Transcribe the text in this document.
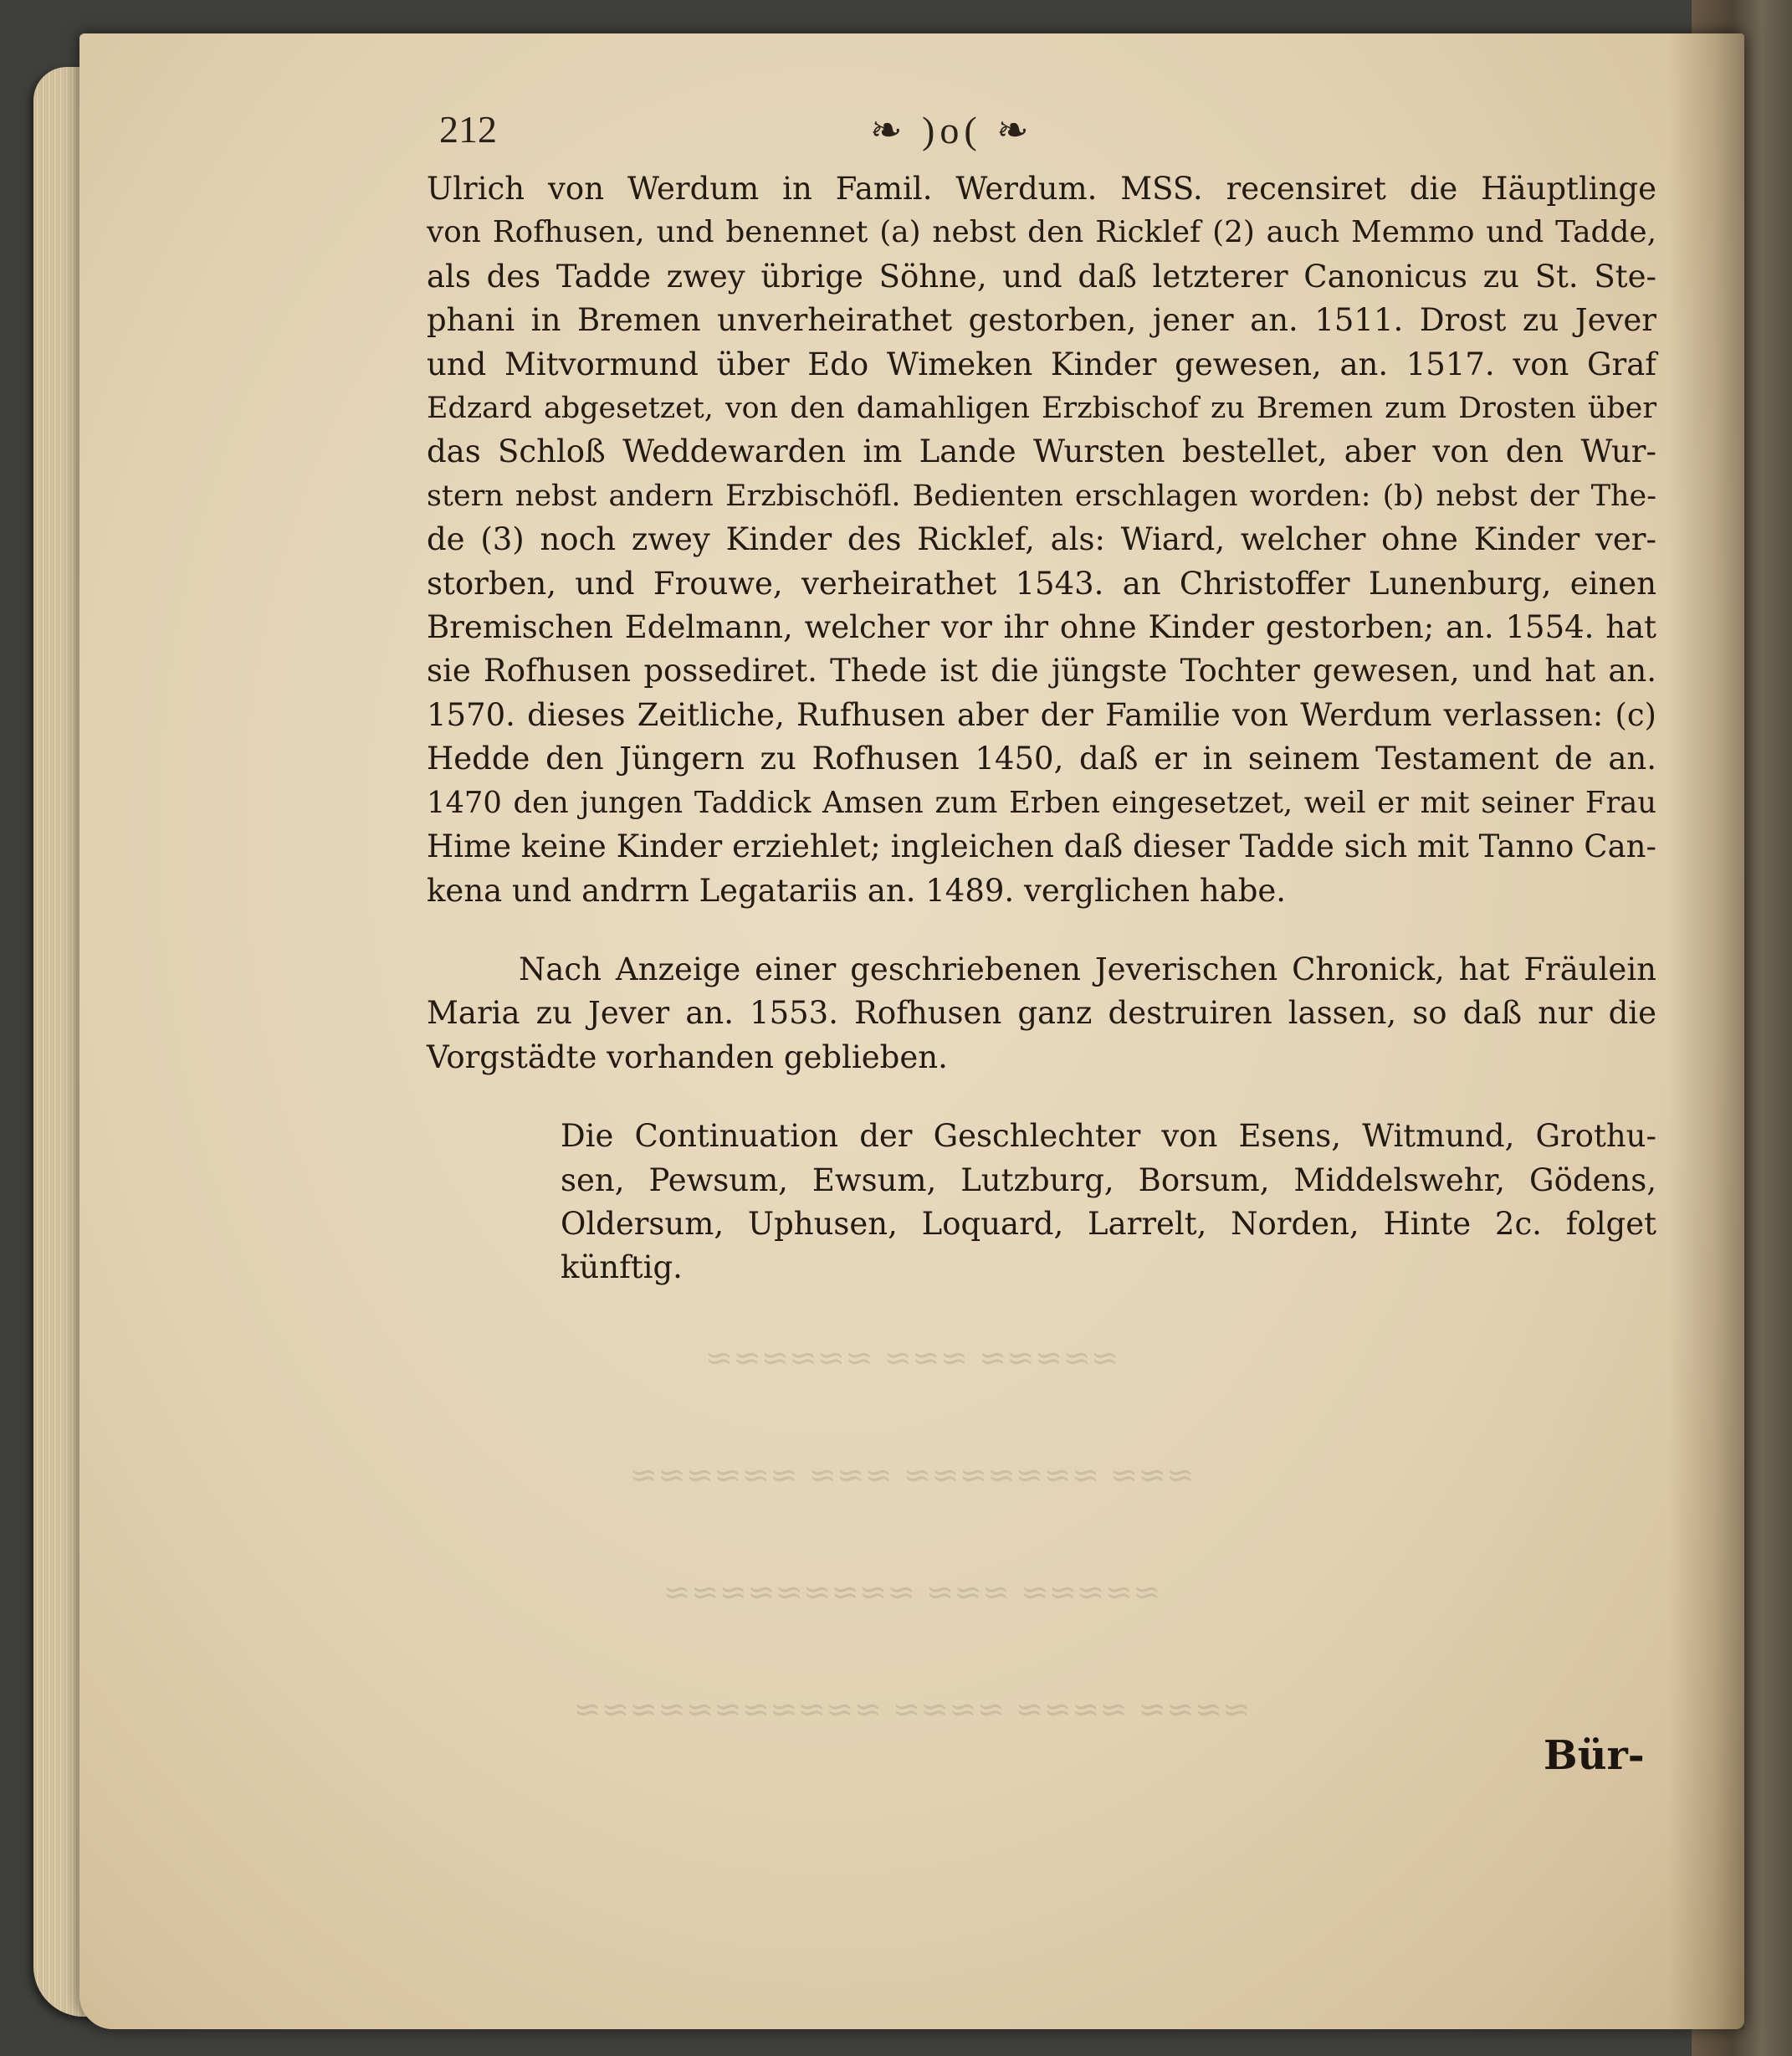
≈≈≈≈≈ ≈≈≈ ≈≈≈≈≈≈
≈≈≈ ≈≈≈≈≈≈≈ ≈≈≈ ≈≈≈≈≈≈
≈≈≈≈≈ ≈≈≈ ≈≈≈≈≈≈≈≈≈
≈≈≈≈ ≈≈≈≈ ≈≈≈≈ ≈≈≈≈≈≈≈≈≈≈≈
212	❧ )o( ❧
Ulrich von Werdum in Famil. Werdum. MSS. recensiret die Häuptlinge
von Rofhusen, und benennet (a) nebst den Ricklef (2) auch Memmo und Tadde,
als des Tadde zwey übrige Söhne, und daß letzterer Canonicus zu St. Ste-
phani in Bremen unverheirathet gestorben, jener an. 1511. Drost zu Jever
und Mitvormund über Edo Wimeken Kinder gewesen, an. 1517. von Graf
Edzard abgesetzet, von den damahligen Erzbischof zu Bremen zum Drosten über
das Schloß Weddewarden im Lande Wursten bestellet, aber von den Wur-
stern nebst andern Erzbischöfl. Bedienten erschlagen worden: (b) nebst der The-
de (3) noch zwey Kinder des Ricklef, als: Wiard, welcher ohne Kinder ver-
storben, und Frouwe, verheirathet 1543. an Christoffer Lunenburg, einen
Bremischen Edelmann, welcher vor ihr ohne Kinder gestorben; an. 1554. hat
sie Rofhusen possediret. Thede ist die jüngste Tochter gewesen, und hat an.
1570. dieses Zeitliche, Rufhusen aber der Familie von Werdum verlassen: (c)
Hedde den Jüngern zu Rofhusen 1450, daß er in seinem Testament de an.
1470 den jungen Taddick Amsen zum Erben eingesetzet, weil er mit seiner Frau
Hime keine Kinder erziehlet; ingleichen daß dieser Tadde sich mit Tanno Can-
kena und andrrn Legatariis an. 1489. verglichen habe.
Nach Anzeige einer geschriebenen Jeverischen Chronick, hat Fräulein
Maria zu Jever an. 1553. Rofhusen ganz destruiren lassen, so daß nur die
Vorgstädte vorhanden geblieben.
Die Continuation der Geschlechter von Esens, Witmund, Grothu-
sen, Pewsum, Ewsum, Lutzburg, Borsum, Middelswehr, Gödens,
Oldersum, Uphusen, Loquard, Larrelt, Norden, Hinte 2c. folget
künftig.
Bür-
